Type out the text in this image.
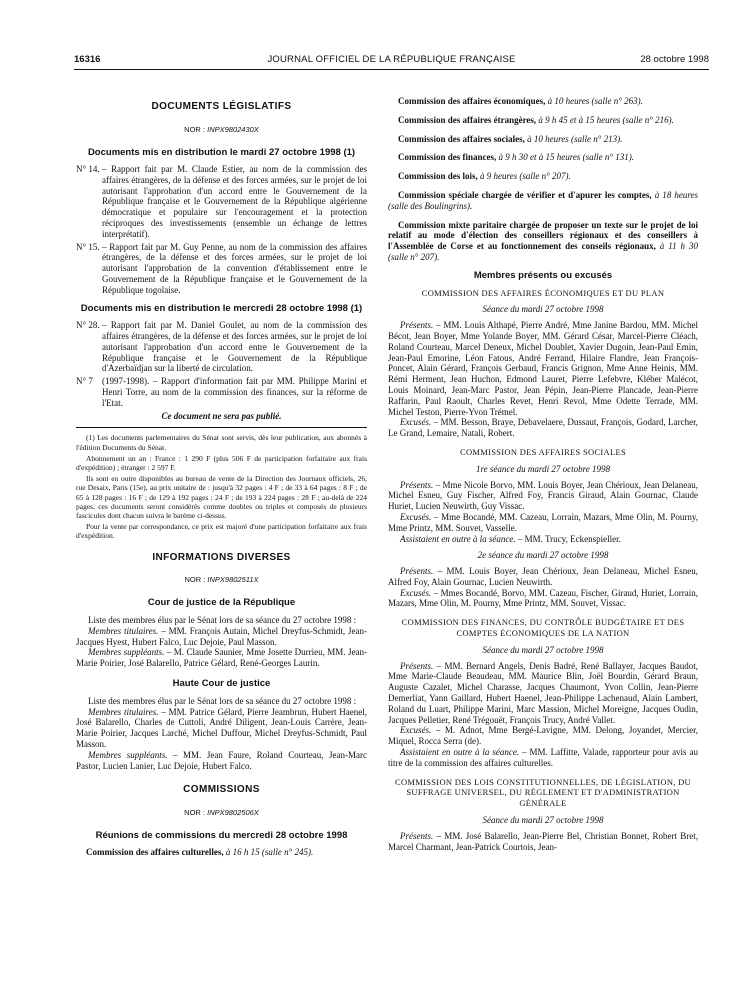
16316	JOURNAL OFFICIEL DE LA RÉPUBLIQUE FRANÇAISE	28 octobre 1998
DOCUMENTS LÉGISLATIFS
NOR : INPX9802430X
Documents mis en distribution le mardi 27 octobre 1998 (1)
N° 14. – Rapport fait par M. Claude Estier, au nom de la commission des affaires étrangères, de la défense et des forces armées, sur le projet de loi autorisant l'approbation d'un accord entre le Gouvernement de la République française et le Gouvernement de la République algérienne démocratique et populaire sur l'encouragement et la protection réciproques des investissements (ensemble un échange de lettres interprétatif).
N° 15. – Rapport fait par M. Guy Penne, au nom de la commission des affaires étrangères, de la défense et des forces armées, sur le projet de loi autorisant l'approbation de la convention d'établissement entre le Gouvernement de la République française et le Gouvernement de la République togolaise.
Documents mis en distribution le mercredi 28 octobre 1998 (1)
N° 28. – Rapport fait par M. Daniel Goulet, au nom de la commission des affaires étrangères, de la défense et des forces armées, sur le projet de loi autorisant l'approbation d'un accord entre le Gouvernement de la République française et le Gouvernement de la République d'Azerbaïdjan sur la liberté de circulation.
N° 7	(1997-1998). – Rapport d'information fait par MM. Philippe Marini et Henri Torre, au nom de la commission des finances, sur la réforme de l'Etat.
Ce document ne sera pas publié.
(1) Les documents parlementaires du Sénat sont servis, dès leur publication, aux abonnés à l'édition Documents du Sénat.
Abonnement un an : France : 1 290 F (plus 506 F de participation forfaitaire aux frais d'expédition) ; étranger : 2 597 F.
Ils sont en outre disponibles au bureau de vente de la Direction des Journaux officiels, 26, rue Desaix, Paris (15e), au prix unitaire de : jusqu'à 32 pages : 4 F ; de 33 à 64 pages : 8 F ; de 65 à 128 pages : 16 F ; de 129 à 192 pages : 24 F ; de 193 à 224 pages : 28 F ; au-delà de 224 pages, ces documents seront considérés comme doubles ou triples et composés de plusieurs fascicules dont chacun suivra le barème ci-dessus.
Pour la vente par correspondance, ce prix est majoré d'une participation forfaitaire aux frais d'expédition.
INFORMATIONS DIVERSES
NOR : INPX9802511X
Cour de justice de la République
Liste des membres élus par le Sénat lors de sa séance du 27 octobre 1998 :
Membres titulaires. – MM. François Autain, Michel Dreyfus-Schmidt, Jean-Jacques Hyest, Hubert Falco, Luc Dejoie, Paul Masson.
Membres suppléants. – M. Claude Saunier, Mme Josette Durrieu, MM. Jean-Marie Poirier, José Balarello, Patrice Gélard, René-Georges Laurin.
Haute Cour de justice
Liste des membres élus par le Sénat lors de sa séance du 27 octobre 1998 :
Membres titulaires. – MM. Patrice Gélard, Pierre Jeambrun, Hubert Haenel, José Balarello, Charles de Cuttoli, André Diligent, Jean-Louis Carrère, Jean-Marie Poirier, Jacques Larché, Michel Duffour, Michel Dreyfus-Schmidt, Paul Masson.
Membres suppléants. – MM. Jean Faure, Roland Courteau, Jean-Marc Pastor, Lucien Lanier, Luc Dejoie, Hubert Falco.
COMMISSIONS
NOR : INPX9802506X
Réunions de commissions du mercredi 28 octobre 1998
Commission des affaires culturelles, à 16 h 15 (salle n° 245).
Commission des affaires économiques, à 10 heures (salle n° 263).
Commission des affaires étrangères, à 9 h 45 et à 15 heures (salle n° 216).
Commission des affaires sociales, à 10 heures (salle n° 213).
Commission des finances, à 9 h 30 et à 15 heures (salle n° 131).
Commission des lois, à 9 heures (salle n° 207).
Commission spéciale chargée de vérifier et d'apurer les comptes, à 18 heures (salle des Boulingrins).
Commission mixte paritaire chargée de proposer un texte sur le projet de loi relatif au mode d'élection des conseillers régionaux et des conseillers à l'Assemblée de Corse et au fonctionnement des conseils régionaux, à 11 h 30 (salle n° 207).
Membres présents ou excusés
COMMISSION DES AFFAIRES ÉCONOMIQUES ET DU PLAN
Séance du mardi 27 octobre 1998
Présents. – MM. Louis Althapé, Pierre André, Mme Janine Bardou, MM. Michel Bécot, Jean Boyer, Mme Yolande Boyer, MM. Gérard César, Marcel-Pierre Cléach, Roland Courteau, Marcel Deneux, Michel Doublet, Xavier Dugoin, Jean-Paul Emin, Jean-Paul Emorine, Léon Fatous, André Ferrand, Hilaire Flandre, Jean François-Poncet, Alain Gérard, François Gerbaud, Francis Grignon, Mme Anne Heinis, MM. Rémi Herment, Jean Huchon, Edmond Lauret, Pierre Lefebvre, Kléber Malécot, Louis Moinard, Jean-Marc Pastor, Jean Pépin, Jean-Pierre Plancade, Jean-Pierre Raffarin, Paul Raoult, Charles Revet, Henri Revol, Mme Odette Terrade, MM. Michel Teston, Pierre-Yvon Trémel.
Excusés. – MM. Besson, Braye, Debavelaere, Dussaut, François, Godard, Larcher, Le Grand, Lemaire, Natali, Robert.
COMMISSION DES AFFAIRES SOCIALES
1re séance du mardi 27 octobre 1998
Présents. – Mme Nicole Borvo, MM. Louis Boyer, Jean Chérioux, Jean Delaneau, Michel Esneu, Guy Fischer, Alfred Foy, Francis Giraud, Alain Gournac, Claude Huriet, Lucien Neuwirth, Guy Vissac.
Excusés. – Mme Bocandé, MM. Cazeau, Lorrain, Mazars, Mme Olin, M. Pourny, Mme Printz, MM. Souvet, Vasselle.
Assistaient en outre à la séance. – MM. Trucy, Eckenspieller.
2e séance du mardi 27 octobre 1998
Présents. – MM. Louis Boyer, Jean Chérioux, Jean Delaneau, Michel Esneu, Alfred Foy, Alain Gournac, Lucien Neuwirth.
Excusés. – Mmes Bocandé, Borvo, MM. Cazeau, Fischer, Giraud, Huriet, Lorrain, Mazars, Mme Olin, M. Pourny, Mme Printz, MM. Souvet, Vissac.
COMMISSION DES FINANCES, DU CONTRÔLE BUDGÉTAIRE ET DES COMPTES ÉCONOMIQUES DE LA NATION
Séance du mardi 27 octobre 1998
Présents. – MM. Bernard Angels, Denis Badré, René Ballayer, Jacques Baudot, Mme Marie-Claude Beaudeau, MM. Maurice Blin, Joël Bourdin, Gérard Braun, Auguste Cazalet, Michel Charasse, Jacques Chaumont, Yvon Collin, Jean-Pierre Demerliat, Yann Gaillard, Hubert Haenel, Jean-Philippe Lachenaud, Alain Lambert, Roland du Luart, Philippe Marini, Marc Massion, Michel Moreigne, Jacques Oudin, Jacques Pelletier, René Trégouët, François Trucy, André Vallet.
Excusés. – M. Adnot, Mme Bergé-Lavigne, MM. Delong, Joyandet, Mercier, Miquel, Rocca Serra (de).
Assistaient en outre à la séance. – MM. Laffitte, Valade, rapporteur pour avis au titre de la commission des affaires culturelles.
COMMISSION DES LOIS CONSTITUTIONNELLES, DE LÉGISLATION, DU SUFFRAGE UNIVERSEL, DU RÈGLEMENT ET D'ADMINISTRATION GÉNÉRALE
Séance du mardi 27 octobre 1998
Présents. – MM. José Balarello, Jean-Pierre Bel, Christian Bonnet, Robert Bret, Marcel Charmant, Jean-Patrick Courtois, Jean-
